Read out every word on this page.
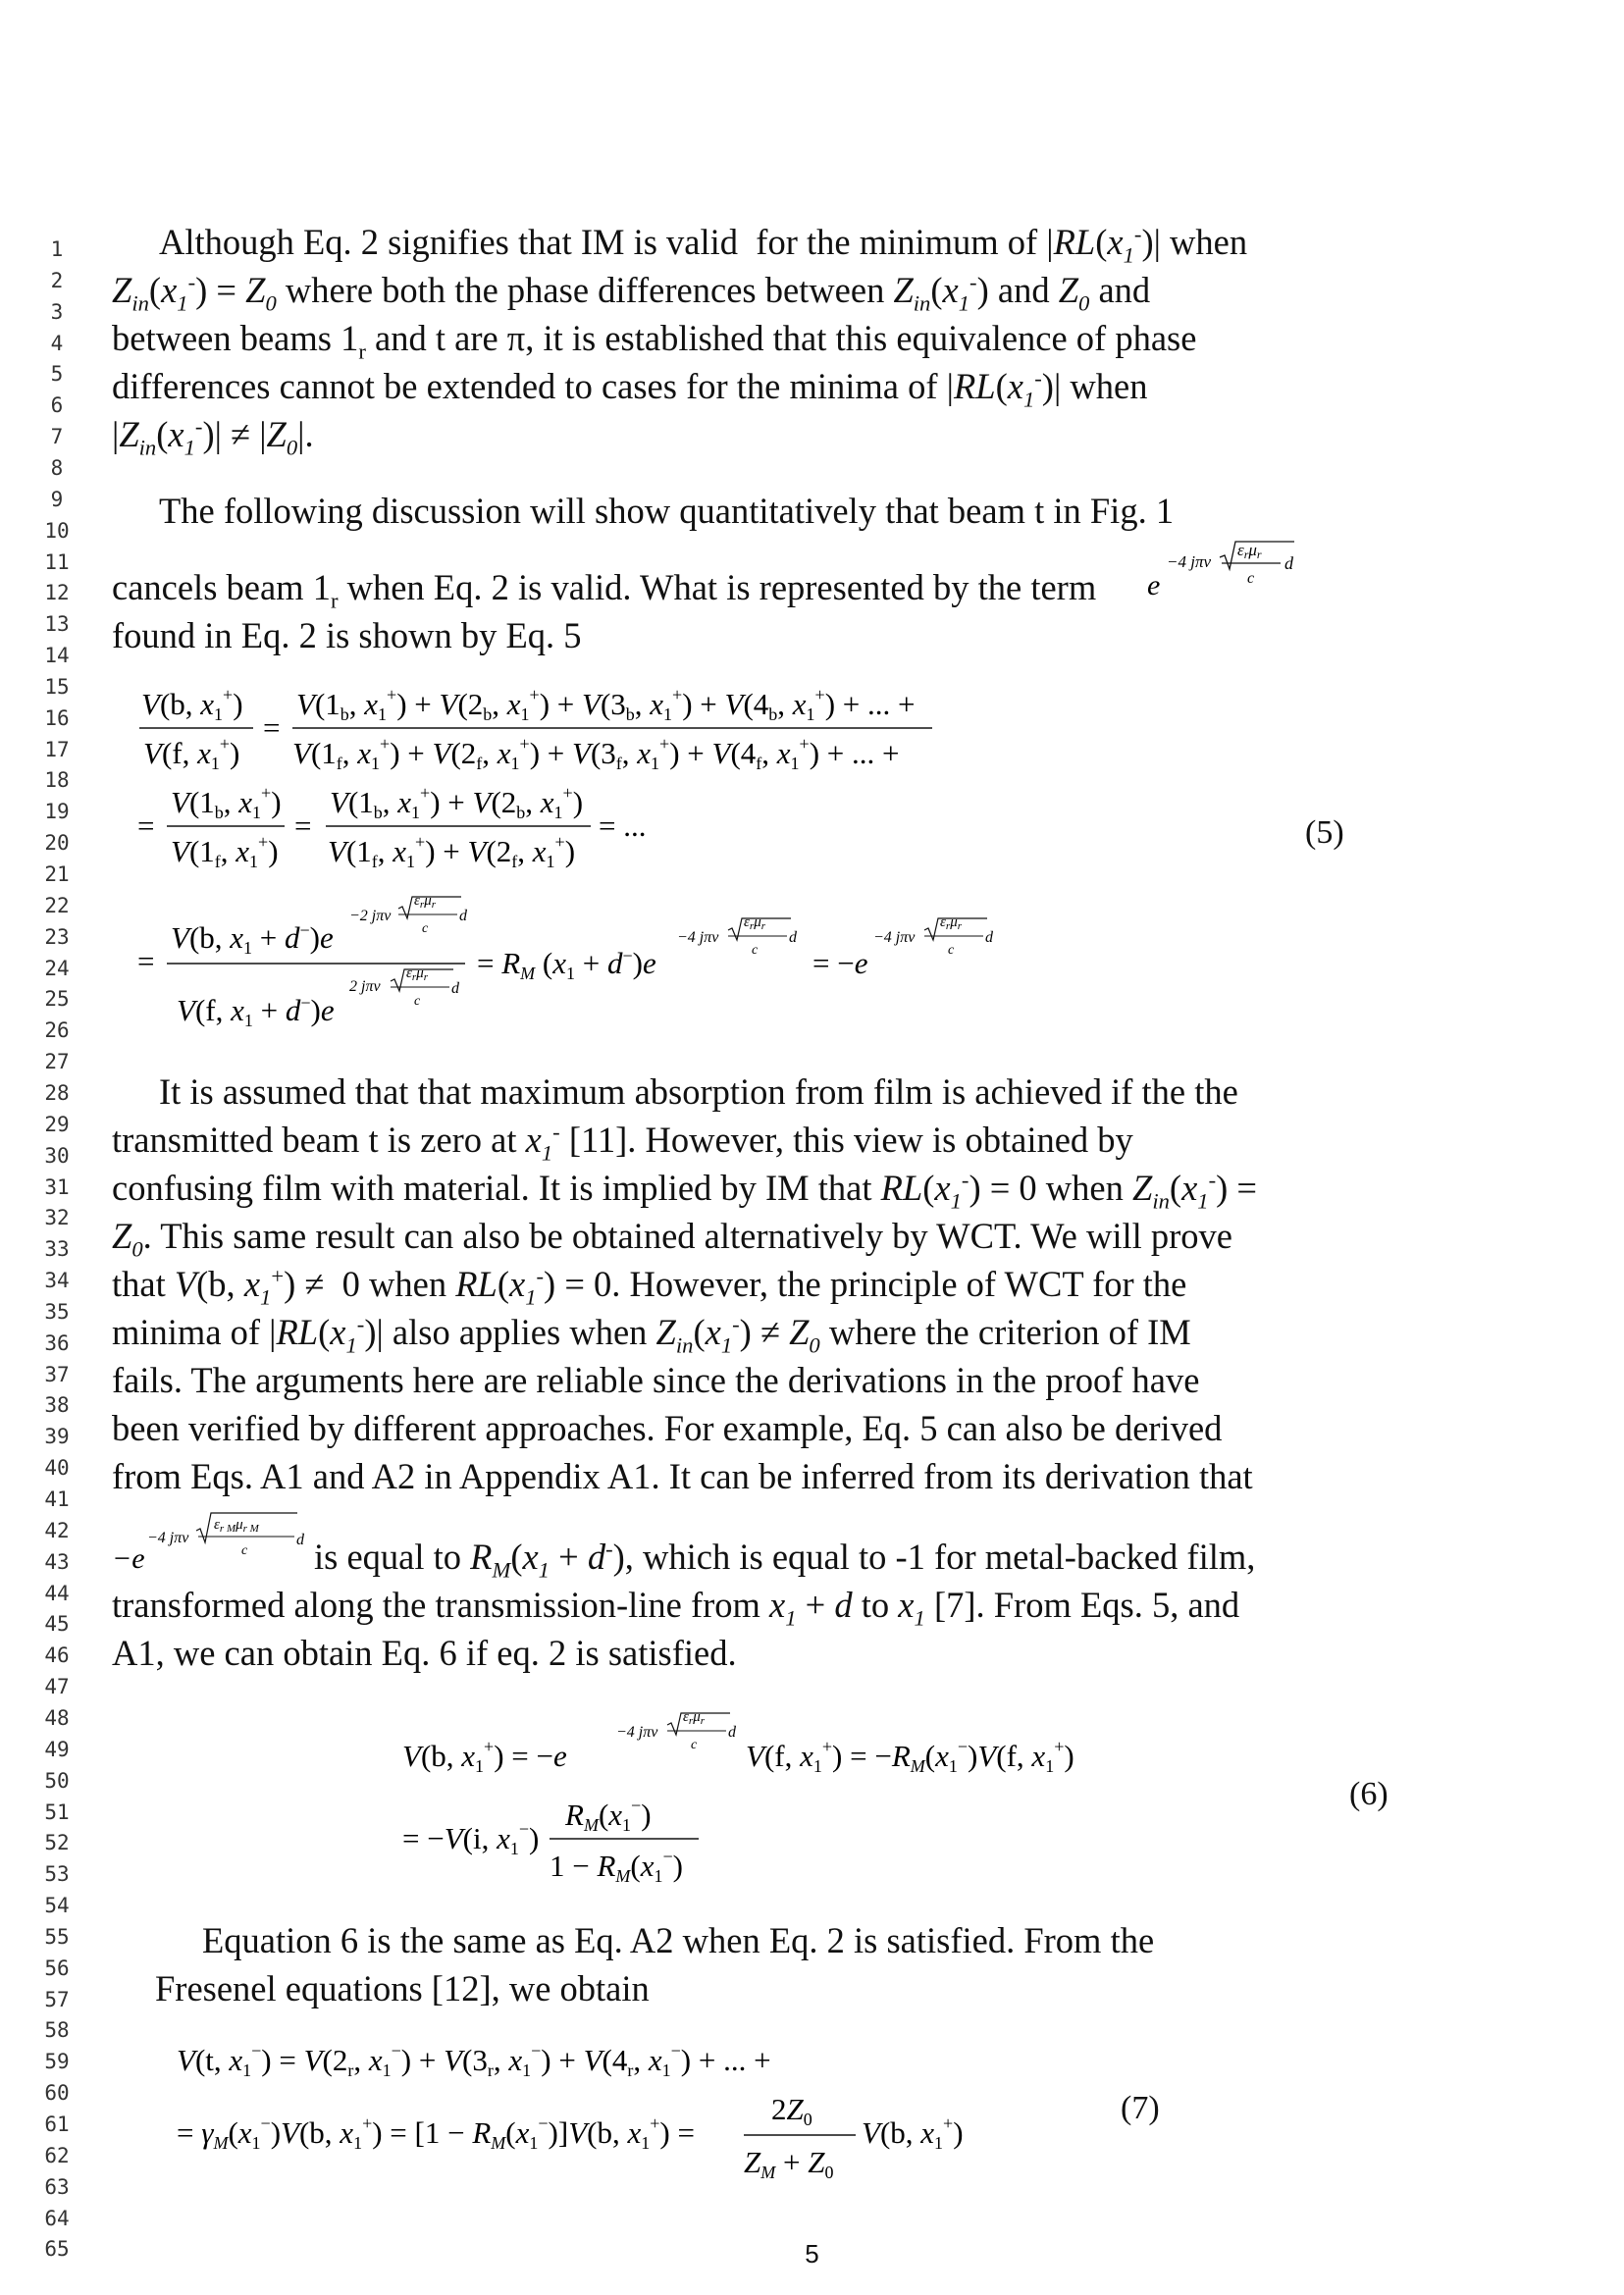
1
2
3
4
5
6
7
8
9
10
11
12
13
14
15
16
17
18
19
20
21
22
23
24
25
26
27
28
29
30
31
32
33
34
35
36
37
38
39
40
41
42
43
44
45
46
47
48
49
50
51
52
53
54
55
56
57
58
59
60
61
62
63
64
65
Although Eq. 2 signifies that IM is valid  for the minimum of $|RL(x_1^-)|$ when
$Z_{in}(x_1^-) = Z_0$ where both the phase differences between $Z_{in}(x_1^-)$ and $Z_0$ and
between beams $1_r$ and t are π, it is established that this equivalence of phase
differences cannot be extended to cases for the minima of $|RL(x_1^-)|$ when
$|Z_{in}(x_1^-)| \ne |Z_0|$.
The following discussion will show quantitatively that beam t in Fig. 1
cancels beam $1_r$ when Eq. 2 is valid. What is represented by the term
found in Eq. 2 is shown by Eq. 5
e
−4 jπν
εrμr
c
d
V(b, x1+)
V(f, x1+)
=
V(1b, x1+) + V(2b, x1+) + V(3b, x1+) + V(4b, x1+) + ... +
V(1f, x1+) + V(2f, x1+) + V(3f, x1+) + V(4f, x1+) + ... +
=
V(1b, x1+)
V(1f, x1+)
=
V(1b, x1+) + V(2b, x1+)
V(1f, x1+) + V(2f, x1+)
= ...
=
V(b, x1 + d−)e
−2 jπν
$\varepsilon_r\mu_r$
c
d
V(f, x1 + d−)e
2 jπν
$\varepsilon_r\mu_r$
c
d
= RM (x1 + d−)e
−4 jπν
$\varepsilon_r\mu_r$
c
d
= −e
−4 jπν
$\varepsilon_r\mu_r$
c
d
(5)
It is assumed that that maximum absorption from film is achieved if the the
transmitted beam t is zero at $x_1^-$ [11]. However, this view is obtained by
confusing film with material. It is implied by IM that $RL(x_1^-) = 0$ when $Z_{in}(x_1^-)$ =
$Z_0$. This same result can also be obtained alternatively by WCT. We will prove
that V(b, $x_1^+) \ne 0$ when $RL(x_1^-) = 0$. However, the principle of WCT for the
minima of $|RL(x_1^-)|$ also applies when $Z_{in}(x_1^-) \ne Z_0$ where the criterion of IM
fails. The arguments here are reliable since the derivations in the proof have
been verified by different approaches. For example, Eq. 5 can also be derived
from Eqs. A1 and A2 in Appendix A1. It can be inferred from its derivation that
−e
−4 jπν
$\varepsilon_{r M}\mu_{r M}$
c
d is equal to $R_M(x_1 + d^-)$, which is equal to -1 for metal-backed film,
transformed along the transmission-line from $x_1 + d$ to $x_1$ [7]. From Eqs. 5, and
A1, we can obtain Eq. 6 if eq. 2 is satisfied.
V(b, x1+) = −e
−4 jπν
$\varepsilon_r\mu_r$
c
d
V(f, x1+) = −RM(x1−)V(f, x1+)
= −V(i, x1−)
RM(x1−)
1 − RM(x1−)
(6)
Equation 6 is the same as Eq. A2 when Eq. 2 is satisfied. From the
Fresenel equations [12], we obtain
V(t, x1−) = V(2r, x1−) + V(3r, x1−) + V(4r, x1−) + ... +
= γM(x1−)V(b, x1+) = [1 − RM(x1−)]V(b, x1+) =
2Z0
ZM + Z0
V(b, x1+)
(7)
5
